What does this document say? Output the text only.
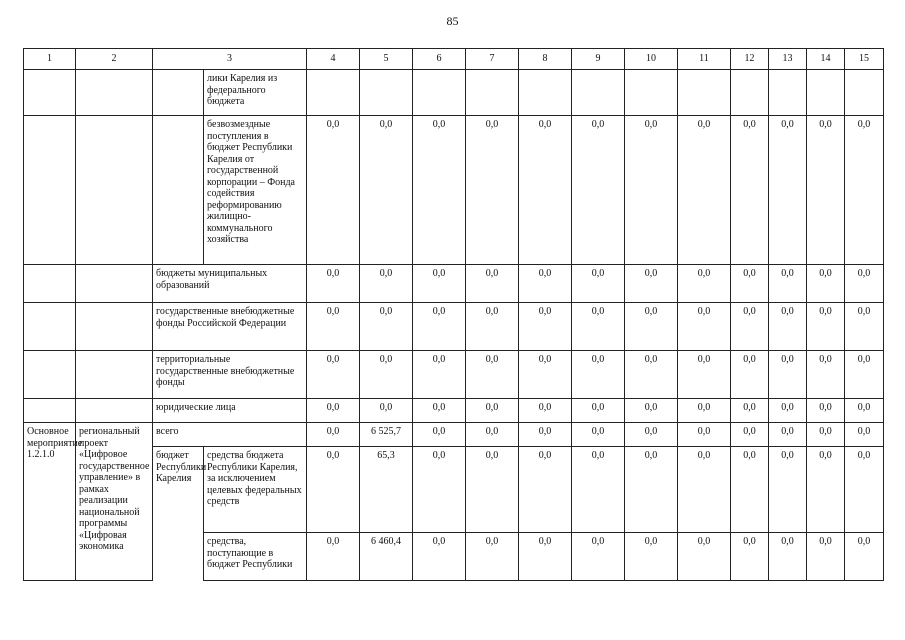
85
1	2	3		4	5	6	7	8	9	10	11	12	13	14	15
			лики Карелия из федерального бюджета												
			безвозмездные поступления в бюджет Республики Карелия от государственной корпорации – Фонда содействия реформированию жилищно-коммунального хозяйства	0,0	0,0	0,0	0,0	0,0	0,0	0,0	0,0	0,0	0,0	0,0	0,0
		бюджеты муниципальных образований		0,0	0,0	0,0	0,0	0,0	0,0	0,0	0,0	0,0	0,0	0,0	0,0
		государственные внебюджетные фонды Российской Федерации		0,0	0,0	0,0	0,0	0,0	0,0	0,0	0,0	0,0	0,0	0,0	0,0
		территориальные государственные внебюджетные фонды		0,0	0,0	0,0	0,0	0,0	0,0	0,0	0,0	0,0	0,0	0,0	0,0
		юридические лица		0,0	0,0	0,0	0,0	0,0	0,0	0,0	0,0	0,0	0,0	0,0	0,0
Основное мероприятие 1.2.1.0	региональный проект «Цифровое государственное управление» в рамках реализации национальной программы «Цифровая экономика	всего		0,0	6 525,7	0,0	0,0	0,0	0,0	0,0	0,0	0,0	0,0	0,0	0,0
		бюджет Республики Карелия	средства бюджета Республики Карелия, за исключением целевых федеральных средств	0,0	65,3	0,0	0,0	0,0	0,0	0,0	0,0	0,0	0,0	0,0	0,0
			средства, поступающие в бюджет Республики	0,0	6 460,4	0,0	0,0	0,0	0,0	0,0	0,0	0,0	0,0	0,0	0,0
